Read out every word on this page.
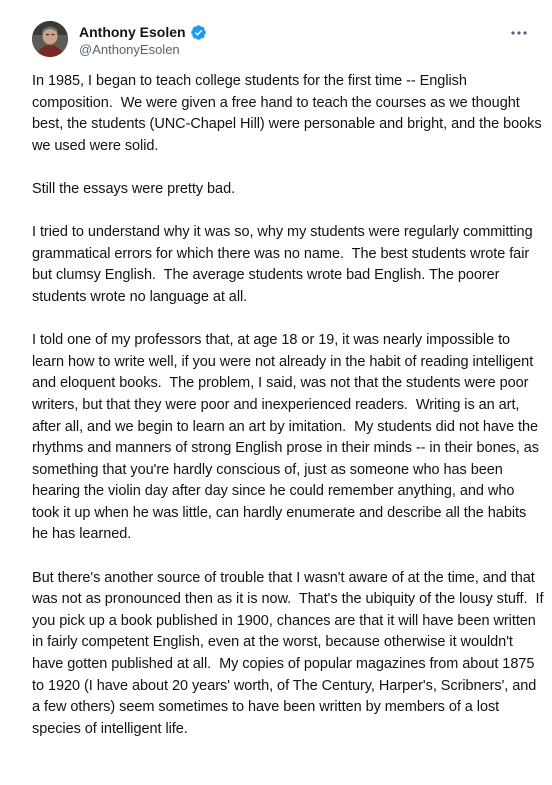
Anthony Esolen
@AnthonyEsolen

In 1985, I began to teach college students for the first time -- English composition.  We were given a free hand to teach the courses as we thought best, the students (UNC-Chapel Hill) were personable and bright, and the books we used were solid.

Still the essays were pretty bad.

I tried to understand why it was so, why my students were regularly committing grammatical errors for which there was no name.  The best students wrote fair but clumsy English.  The average students wrote bad English. The poorer students wrote no language at all.

I told one of my professors that, at age 18 or 19, it was nearly impossible to learn how to write well, if you were not already in the habit of reading intelligent and eloquent books.  The problem, I said, was not that the students were poor writers, but that they were poor and inexperienced readers.  Writing is an art, after all, and we begin to learn an art by imitation.  My students did not have the rhythms and manners of strong English prose in their minds -- in their bones, as something that you're hardly conscious of, just as someone who has been hearing the violin day after day since he could remember anything, and who took it up when he was little, can hardly enumerate and describe all the habits he has learned.

But there's another source of trouble that I wasn't aware of at the time, and that was not as pronounced then as it is now.  That's the ubiquity of the lousy stuff.  If you pick up a book published in 1900, chances are that it will have been written in fairly competent English, even at the worst, because otherwise it wouldn't have gotten published at all.  My copies of popular magazines from about 1875 to 1920 (I have about 20 years' worth, of The Century, Harper's, Scribners', and a few others) seem sometimes to have been written by members of a lost species of intelligent life.
